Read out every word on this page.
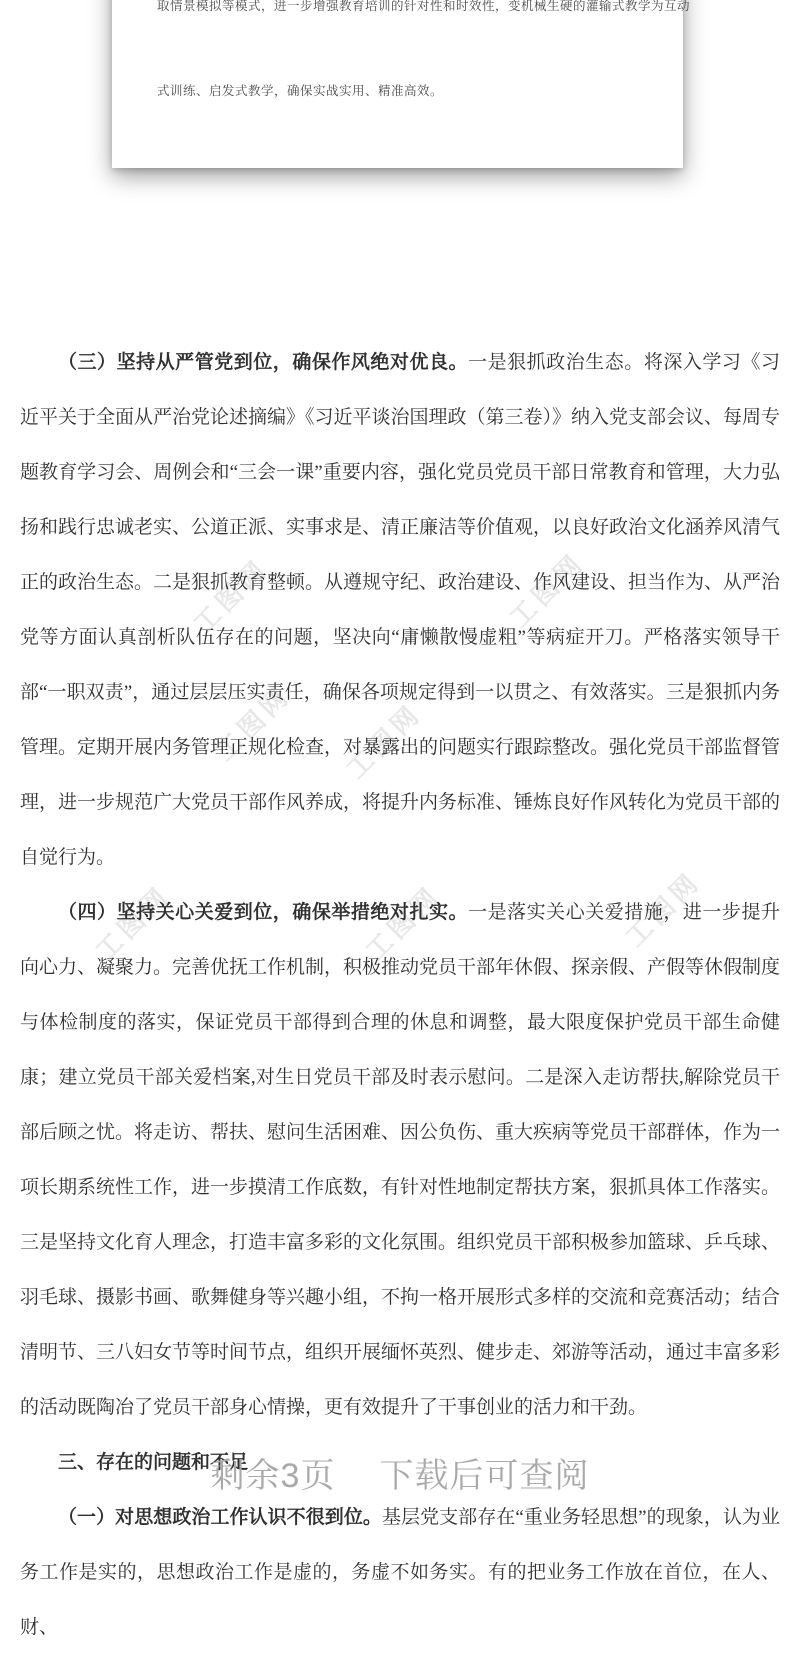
工图网	工图网
工图网 工图网
工图网	工图网	工图网

取情景模拟等模式，进一步增强教育培训的针对性和时效性，变机械生硬的灌输式教学为互动

式训练、启发式教学，确保实战实用、精准高效。

（三）坚持从严管党到位，确保作风绝对优良。一是狠抓政治生态。将深入学习《习近平关于全面从严治党论述摘编》《习近平谈治国理政（第三卷）》纳入党支部会议、每周专题教育学习会、周例会和“三会一课”重要内容，强化党员党员干部日常教育和管理，大力弘扬和践行忠诚老实、公道正派、实事求是、清正廉洁等价值观，以良好政治文化涵养风清气正的政治生态。二是狠抓教育整顿。从遵规守纪、政治建设、作风建设、担当作为、从严治党等方面认真剖析队伍存在的问题，坚决向“庸懒散慢虚粗”等病症开刀。严格落实领导干部“一职双责”，通过层层压实责任，确保各项规定得到一以贯之、有效落实。三是狠抓内务管理。定期开展内务管理正规化检查，对暴露出的问题实行跟踪整改。强化党员干部监督管理，进一步规范广大党员干部作风养成，将提升内务标准、锤炼良好作风转化为党员干部的自觉行为。

（四）坚持关心关爱到位，确保举措绝对扎实。一是落实关心关爱措施，进一步提升向心力、凝聚力。完善优抚工作机制，积极推动党员干部年休假、探亲假、产假等休假制度与体检制度的落实，保证党员干部得到合理的休息和调整，最大限度保护党员干部生命健康；建立党员干部关爱档案,对生日党员干部及时表示慰问。二是深入走访帮扶,解除党员干部后顾之忧。将走访、帮扶、慰问生活困难、因公负伤、重大疾病等党员干部群体，作为一项长期系统性工作，进一步摸清工作底数，有针对性地制定帮扶方案，狠抓具体工作落实。三是坚持文化育人理念，打造丰富多彩的文化氛围。组织党员干部积极参加篮球、乒乓球、羽毛球、摄影书画、歌舞健身等兴趣小组，不拘一格开展形式多样的交流和竞赛活动；结合清明节、三八妇女节等时间节点，组织开展缅怀英烈、健步走、郊游等活动，通过丰富多彩的活动既陶冶了党员干部身心情操，更有效提升了干事创业的活力和干劲。

三、存在的问题和不足

（一）对思想政治工作认识不很到位。基层党支部存在“重业务轻思想”的现象，认为业务工作是实的，思想政治工作是虚的，务虚不如务实。有的把业务工作放在首位，在人、财、

剩余3页 下载后可查阅
